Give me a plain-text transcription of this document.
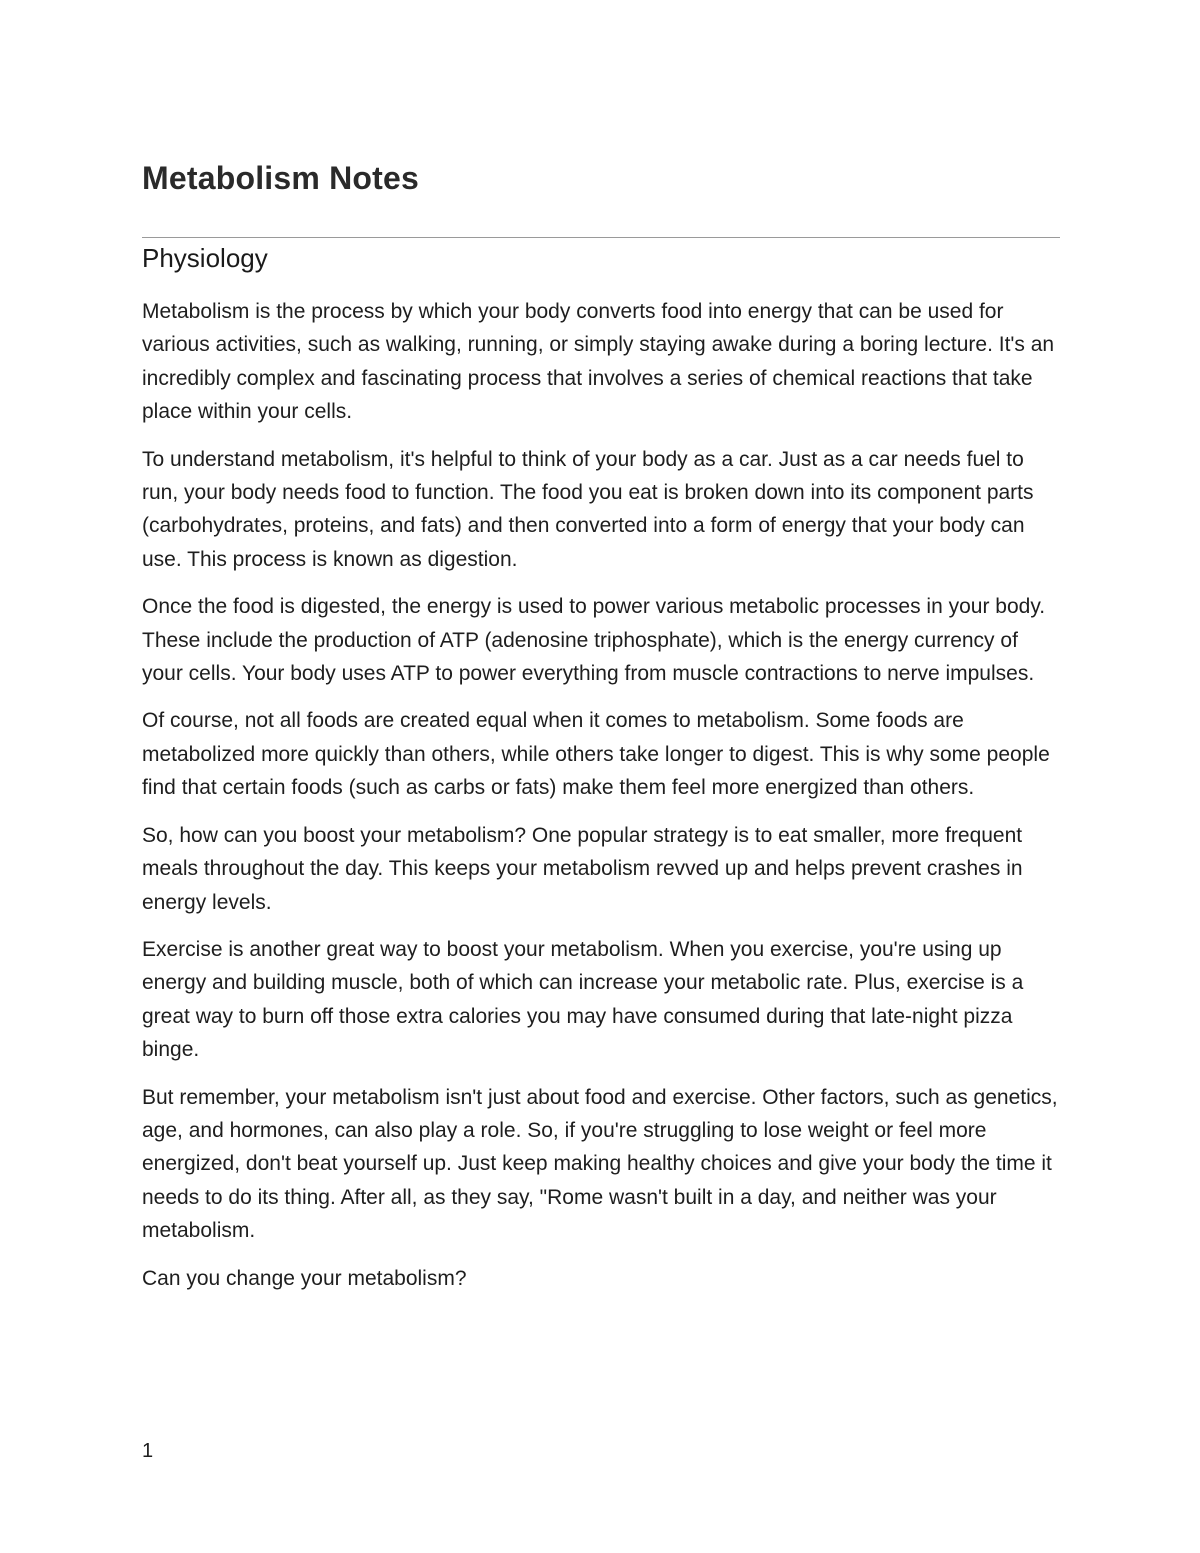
Metabolism Notes
Physiology

Metabolism is the process by which your body converts food into energy that can be used for various activities, such as walking, running, or simply staying awake during a boring lecture. It's an incredibly complex and fascinating process that involves a series of chemical reactions that take place within your cells.

To understand metabolism, it's helpful to think of your body as a car. Just as a car needs fuel to run, your body needs food to function. The food you eat is broken down into its component parts (carbohydrates, proteins, and fats) and then converted into a form of energy that your body can use. This process is known as digestion.

Once the food is digested, the energy is used to power various metabolic processes in your body. These include the production of ATP (adenosine triphosphate), which is the energy currency of your cells. Your body uses ATP to power everything from muscle contractions to nerve impulses.

Of course, not all foods are created equal when it comes to metabolism. Some foods are metabolized more quickly than others, while others take longer to digest. This is why some people find that certain foods (such as carbs or fats) make them feel more energized than others.

So, how can you boost your metabolism? One popular strategy is to eat smaller, more frequent meals throughout the day. This keeps your metabolism revved up and helps prevent crashes in energy levels.

Exercise is another great way to boost your metabolism. When you exercise, you're using up energy and building muscle, both of which can increase your metabolic rate. Plus, exercise is a great way to burn off those extra calories you may have consumed during that late-night pizza binge.

But remember, your metabolism isn't just about food and exercise. Other factors, such as genetics, age, and hormones, can also play a role. So, if you're struggling to lose weight or feel more energized, don't beat yourself up. Just keep making healthy choices and give your body the time it needs to do its thing. After all, as they say, "Rome wasn't built in a day, and neither was your metabolism.

Can you change your metabolism?

1
